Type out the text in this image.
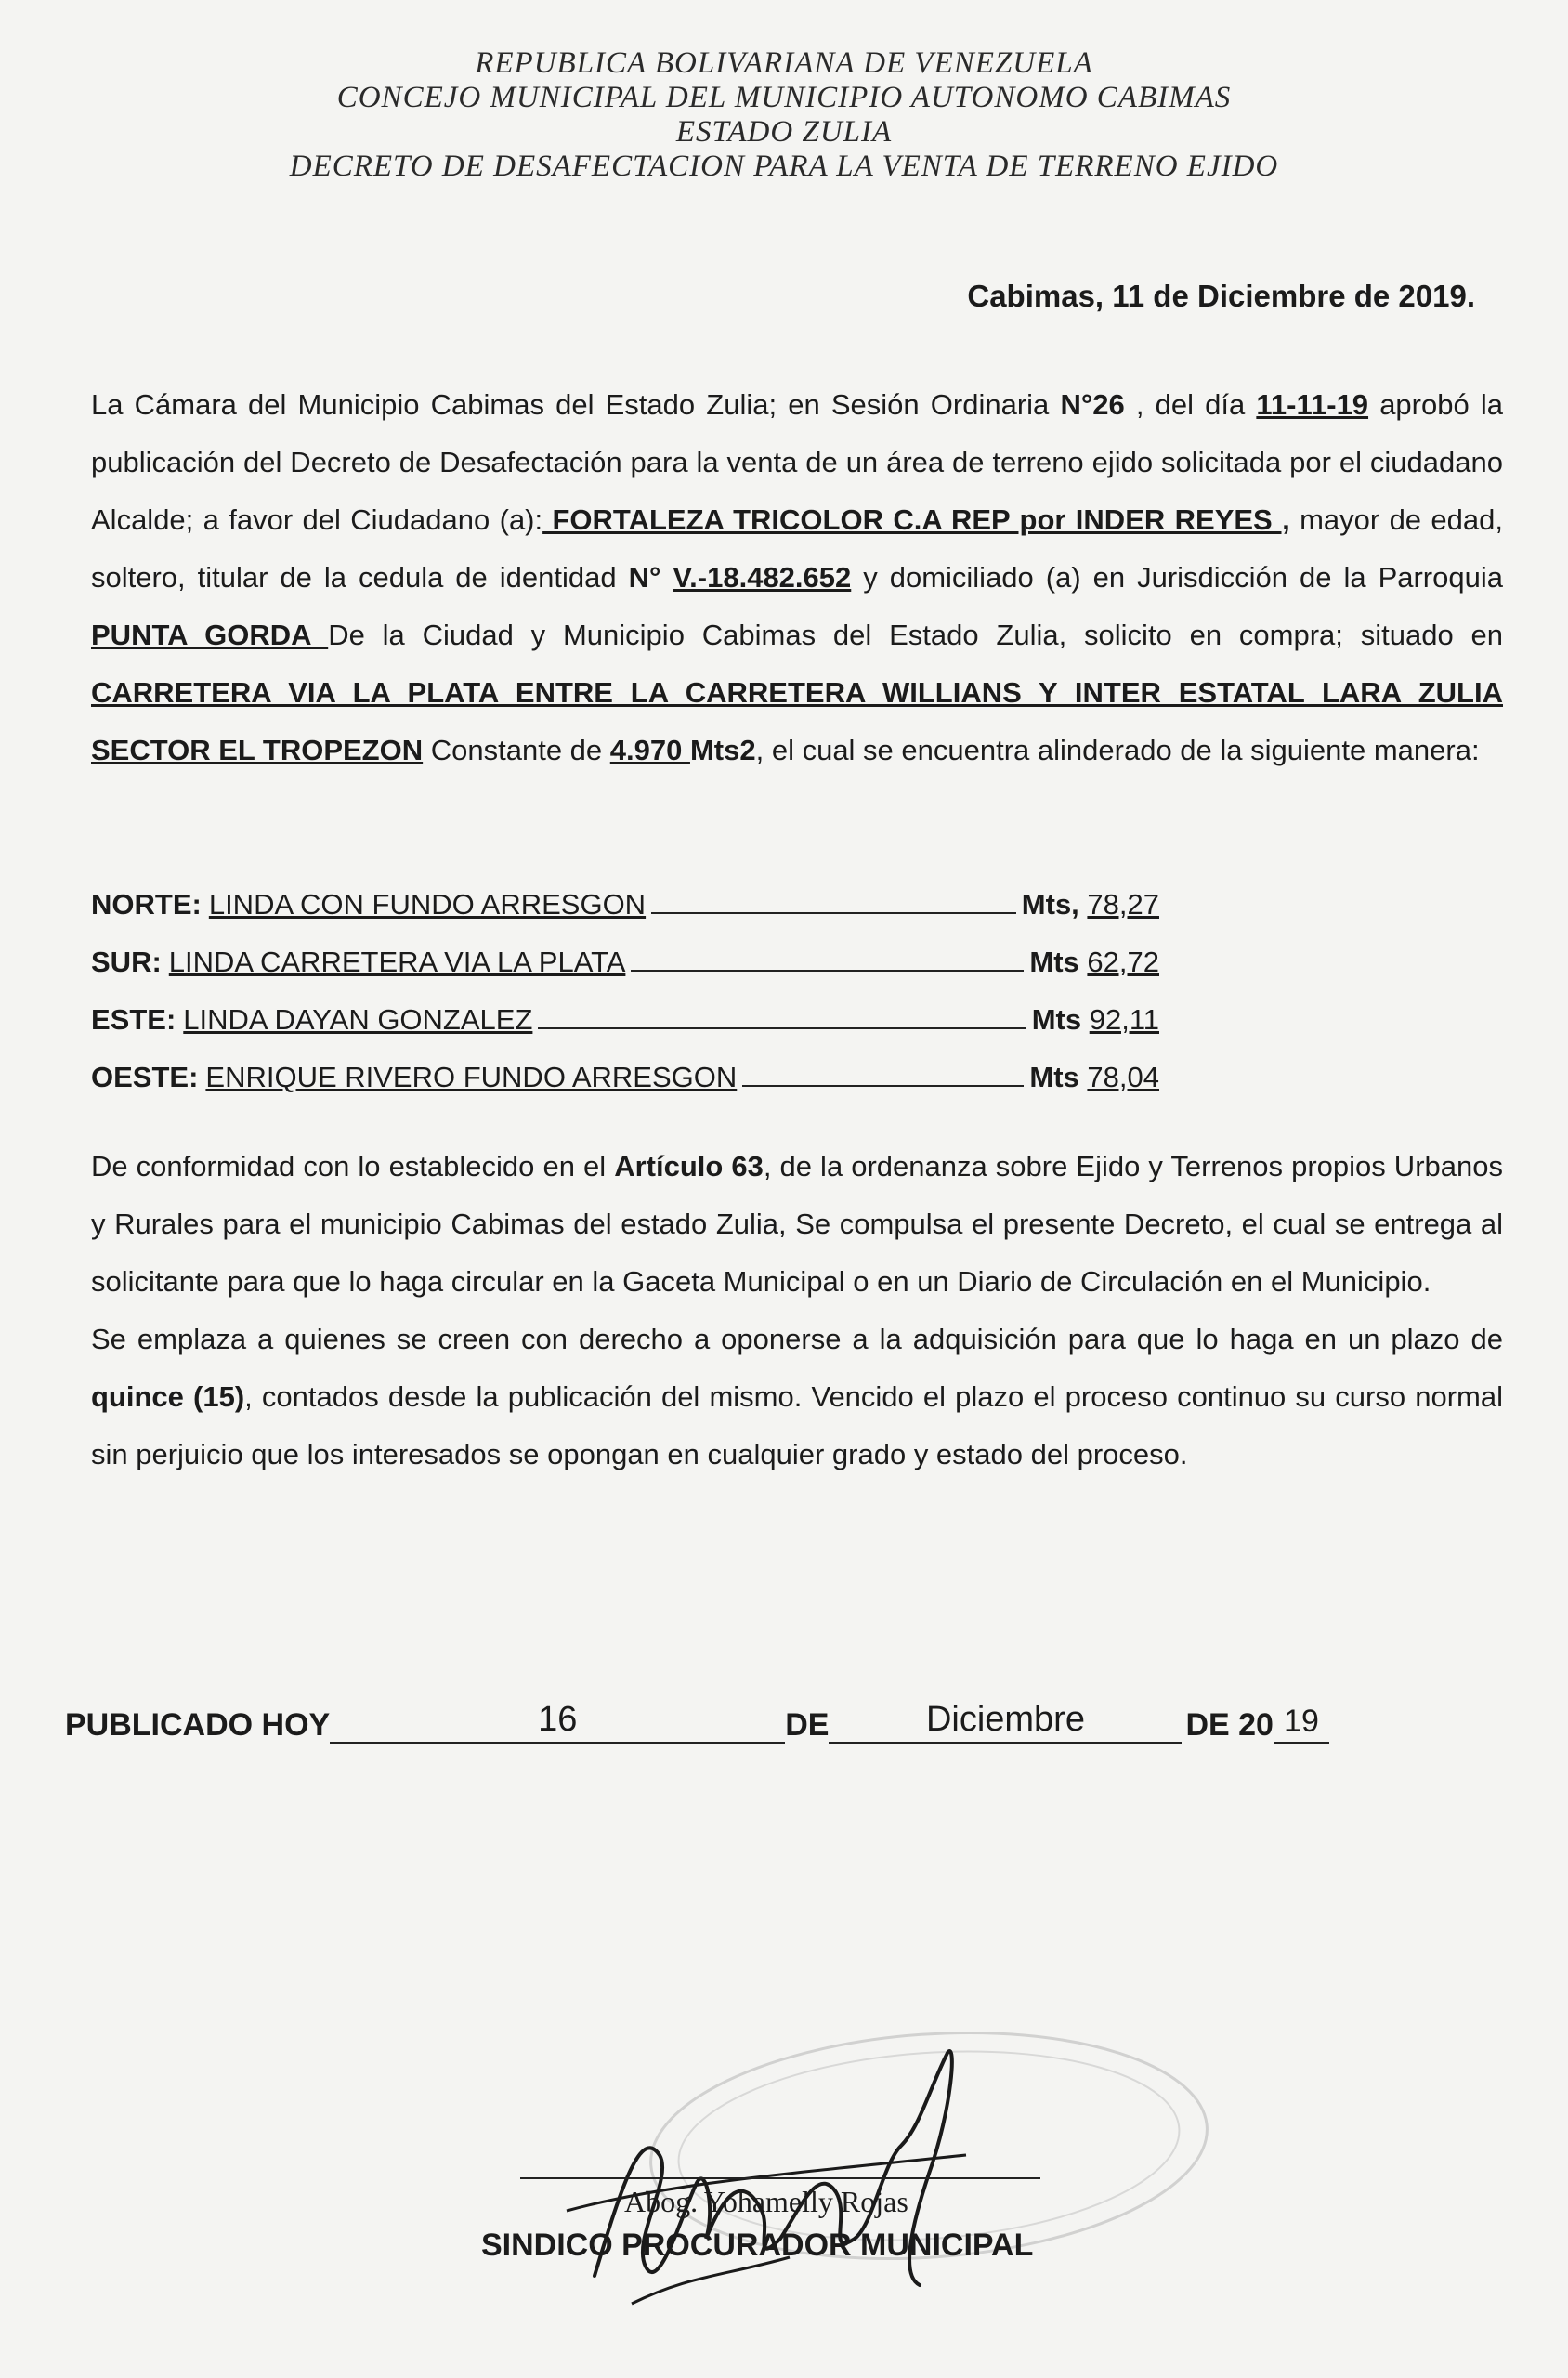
REPUBLICA BOLIVARIANA DE VENEZUELA
CONCEJO MUNICIPAL DEL MUNICIPIO AUTONOMO CABIMAS
ESTADO ZULIA
DECRETO DE DESAFECTACION PARA LA VENTA DE TERRENO EJIDO
Cabimas, 11 de Diciembre de 2019.

La Cámara del Municipio Cabimas del Estado Zulia; en Sesión Ordinaria N°26 , del día 11-11-19 aprobó la publicación del Decreto de Desafectación para la venta de un área de terreno ejido solicitada por el ciudadano Alcalde; a favor del Ciudadano (a): FORTALEZA TRICOLOR C.A REP por INDER REYES , mayor de edad, soltero, titular de la cedula de identidad N° V.-18.482.652 y domiciliado (a) en Jurisdicción de la Parroquia PUNTA GORDA De la Ciudad y Municipio Cabimas del Estado Zulia, solicito en compra; situado en CARRETERA VIA LA PLATA ENTRE LA CARRETERA WILLIANS Y INTER ESTATAL LARA ZULIA SECTOR EL TROPEZON Constante de 4.970 Mts2, el cual se encuentra alinderado de la siguiente manera:

NORTE: LINDA CON FUNDO ARRESGON	Mts, 78,27
SUR: LINDA CARRETERA VIA LA PLATA	Mts 62,72
ESTE: LINDA DAYAN GONZALEZ	Mts 92,11
OESTE: ENRIQUE RIVERO FUNDO ARRESGON	Mts 78,04

De conformidad con lo establecido en el Artículo 63, de la ordenanza sobre Ejido y Terrenos propios Urbanos y Rurales para el municipio Cabimas del estado Zulia, Se compulsa el presente Decreto, el cual se entrega al solicitante para que lo haga circular en la Gaceta Municipal o en un Diario de Circulación en el Municipio.

Se emplaza a quienes se creen con derecho a oponerse a la adquisición para que lo haga en un plazo de quince (15), contados desde la publicación del mismo. Vencido el plazo el proceso continuo su curso normal sin perjuicio que los interesados se opongan en cualquier grado y estado del proceso.

PUBLICADO HOY	16	DE	Diciembre	DE 20 19
Abog. Yohamelly Rojas
SINDICO PROCURADOR MUNICIPAL
